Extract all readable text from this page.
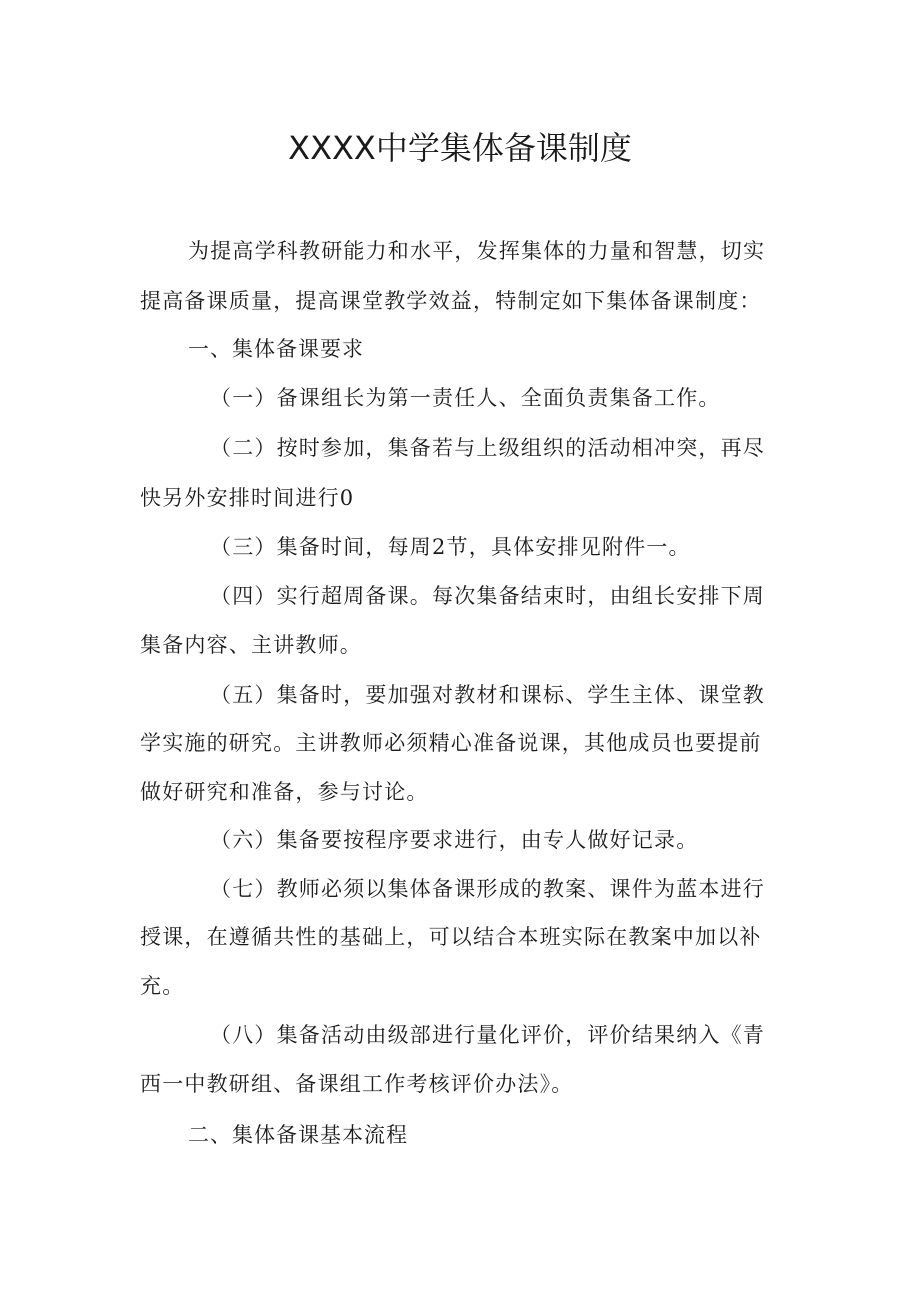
XXXX中学集体备课制度
为提高学科教研能力和水平，发挥集体的力量和智慧，切实
提高备课质量，提高课堂教学效益，特制定如下集体备课制度：
一、集体备课要求
（一）备课组长为第一责任人、全面负责集备工作。
（二）按时参加，集备若与上级组织的活动相冲突，再尽
快另外安排时间进行0
（三）集备时间，每周2节，具体安排见附件一。
（四）实行超周备课。每次集备结束时，由组长安排下周
集备内容、主讲教师。
（五）集备时，要加强对教材和课标、学生主体、课堂教
学实施的研究。主讲教师必须精心准备说课，其他成员也要提前
做好研究和准备，参与讨论。
（六）集备要按程序要求进行，由专人做好记录。
（七）教师必须以集体备课形成的教案、课件为蓝本进行
授课，在遵循共性的基础上，可以结合本班实际在教案中加以补
充。
（八）集备活动由级部进行量化评价，评价结果纳入《青
西一中教研组、备课组工作考核评价办法》。
二、集体备课基本流程
